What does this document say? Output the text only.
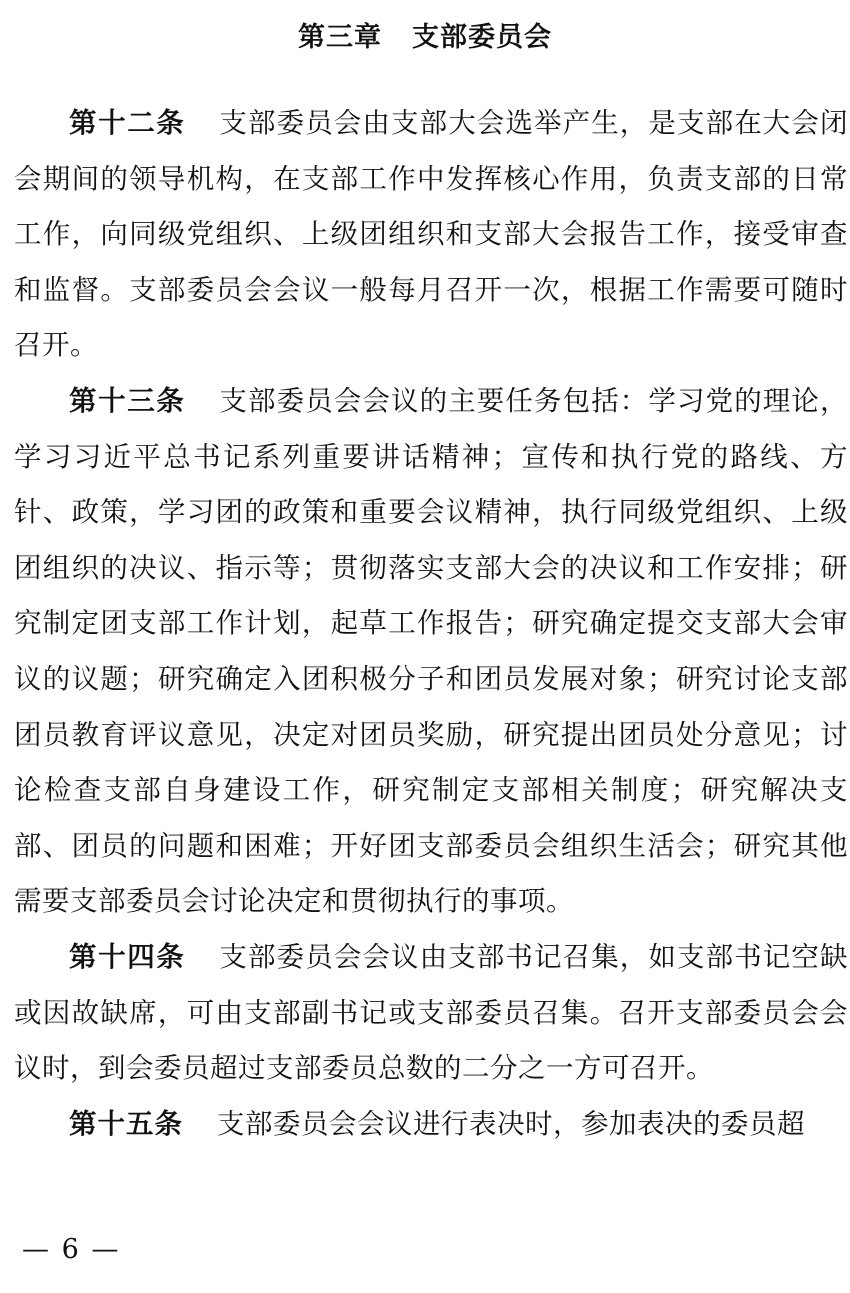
第三章 支部委员会

第十二条 支部委员会由支部大会选举产生，是支部在大会闭会期间的领导机构，在支部工作中发挥核心作用，负责支部的日常工作，向同级党组织、上级团组织和支部大会报告工作，接受审查和监督。支部委员会会议一般每月召开一次，根据工作需要可随时召开。

第十三条 支部委员会会议的主要任务包括：学习党的理论，学习习近平总书记系列重要讲话精神；宣传和执行党的路线、方针、政策，学习团的政策和重要会议精神，执行同级党组织、上级团组织的决议、指示等；贯彻落实支部大会的决议和工作安排；研究制定团支部工作计划，起草工作报告；研究确定提交支部大会审议的议题；研究确定入团积极分子和团员发展对象；研究讨论支部团员教育评议意见，决定对团员奖励，研究提出团员处分意见；讨论检查支部自身建设工作，研究制定支部相关制度；研究解决支部、团员的问题和困难；开好团支部委员会组织生活会；研究其他需要支部委员会讨论决定和贯彻执行的事项。

第十四条 支部委员会会议由支部书记召集，如支部书记空缺或因故缺席，可由支部副书记或支部委员召集。召开支部委员会会议时，到会委员超过支部委员总数的二分之一方可召开。

第十五条 支部委员会会议进行表决时，参加表决的委员超

— 6 —
